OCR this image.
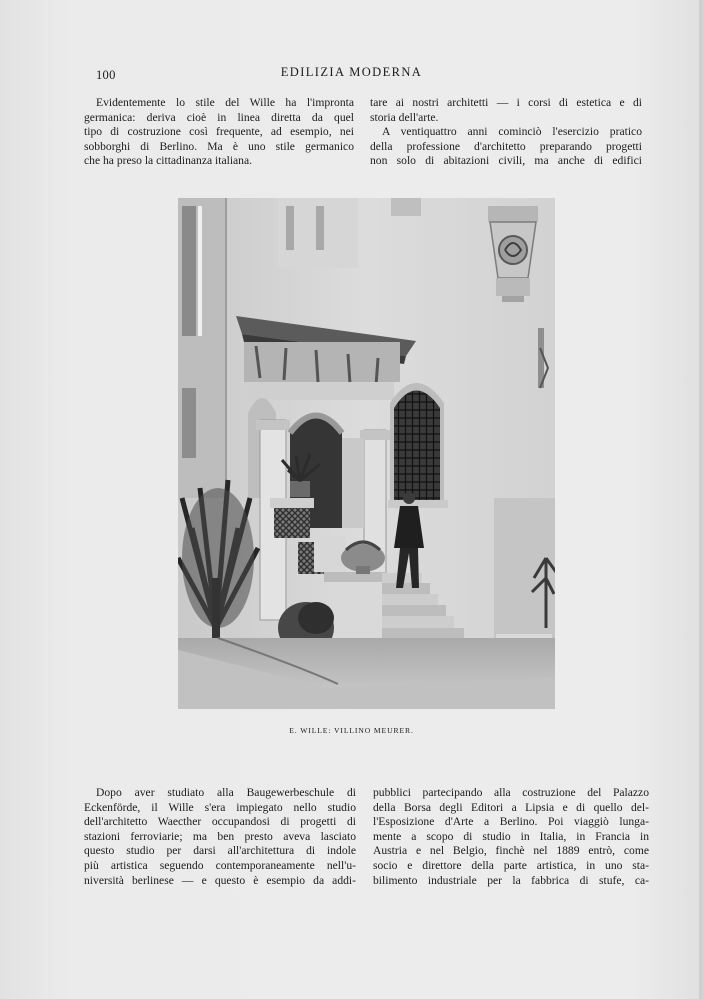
100	EDILIZIA MODERNA
Evidentemente lo stile del Wille ha l'impronta
germanica: deriva cioè in linea diretta da quel
tipo di costruzione così frequente, ad esempio, nei
sobborghi di Berlino. Ma è uno stile germanico
che ha preso la cittadinanza italiana.
tare ai nostri architetti — i corsi di estetica e di
storia dell'arte.
A ventiquattro anni cominciò l'esercizio pratico
della professione d'architetto preparando progetti
non solo di abitazioni civili, ma anche di edifici
E. WILLE: VILLINO MEURER.
Dopo aver studiato alla Baugewerbeschule di
Eckenförde, il Wille s'era impiegato nello studio
dell'architetto Waecther occupandosi di progetti di
stazioni ferroviarie; ma ben presto aveva lasciato
questo studio per darsi all'architettura di indole
più artistica seguendo contemporaneamente nell'u-
niversità berlinese — e questo è esempio da addi-
pubblici partecipando alla costruzione del Palazzo
della Borsa degli Editori a Lipsia e di quello del-
l'Esposizione d'Arte a Berlino. Poi viaggiò lunga-
mente a scopo di studio in Italia, in Francia in
Austria e nel Belgio, finchè nel 1889 entrò, come
socio e direttore della parte artistica, in uno sta-
bilimento industriale per la fabbrica di stufe, ca-
